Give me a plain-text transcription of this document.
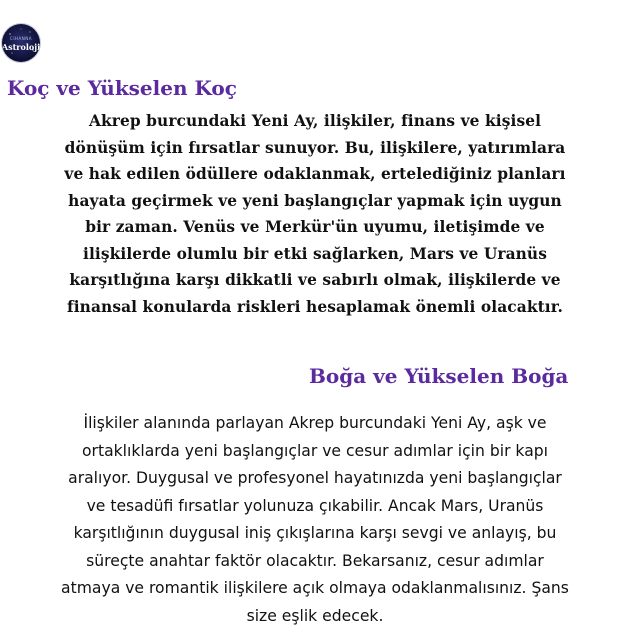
CIHANNA
Astroloji
Koç ve Yükselen Koç
Akrep burcundaki Yeni Ay, ilişkiler, finans ve kişisel
dönüşüm için fırsatlar sunuyor. Bu, ilişkilere, yatırımlara
ve hak edilen ödüllere odaklanmak, ertelediğiniz planları
hayata geçirmek ve yeni başlangıçlar yapmak için uygun
bir zaman. Venüs ve Merkür'ün uyumu, iletişimde ve
ilişkilerde olumlu bir etki sağlarken, Mars ve Uranüs
karşıtlığına karşı dikkatli ve sabırlı olmak, ilişkilerde ve
finansal konularda riskleri hesaplamak önemli olacaktır.
Boğa ve Yükselen Boğa
İlişkiler alanında parlayan Akrep burcundaki Yeni Ay, aşk ve
ortaklıklarda yeni başlangıçlar ve cesur adımlar için bir kapı
aralıyor. Duygusal ve profesyonel hayatınızda yeni başlangıçlar
ve tesadüfi fırsatlar yolunuza çıkabilir. Ancak Mars, Uranüs
karşıtlığının duygusal iniş çıkışlarına karşı sevgi ve anlayış, bu
süreçte anahtar faktör olacaktır. Bekarsanız, cesur adımlar
atmaya ve romantik ilişkilere açık olmaya odaklanmalısınız. Şans
size eşlik edecek.
